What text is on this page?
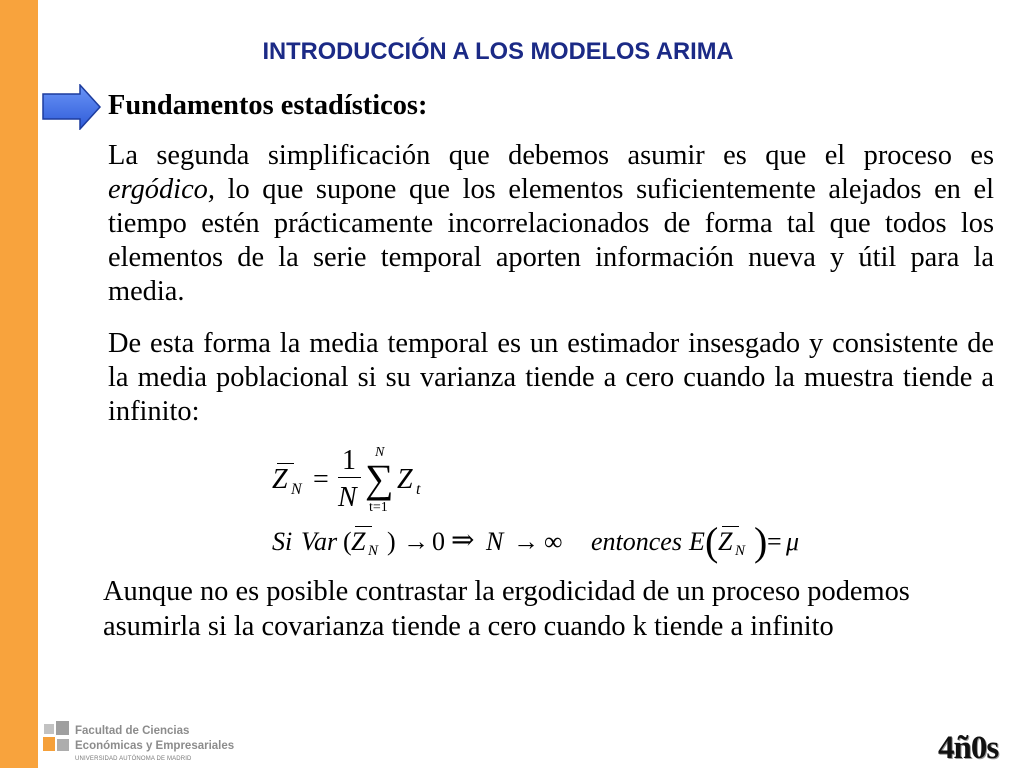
INTRODUCCIÓN A LOS MODELOS ARIMA
Fundamentos estadísticos:
La segunda simplificación que debemos asumir es que el proceso es
ergódico, lo que supone que los elementos suficientemente alejados en el
tiempo estén prácticamente incorrelacionados de forma tal que todos los
elementos de la serie temporal aporten información nueva y útil para la
media.
De esta forma la media temporal es un estimador insesgado y consistente de
la media poblacional si su varianza tiende a cero cuando la muestra tiende a
infinito:
Z N =
1
N
N
∑
t=1
Z t
Si Var ( Z N ) → 0 ⇒ N → ∞ entonces E ( Z N ) = μ
Aunque no es posible contrastar la ergodicidad de un proceso podemos
asumirla si la covarianza tiende a cero cuando k tiende a infinito
Facultad de Ciencias
Económicas y Empresariales
UNIVERSIDAD AUTÓNOMA DE MADRID	4ñ0s
